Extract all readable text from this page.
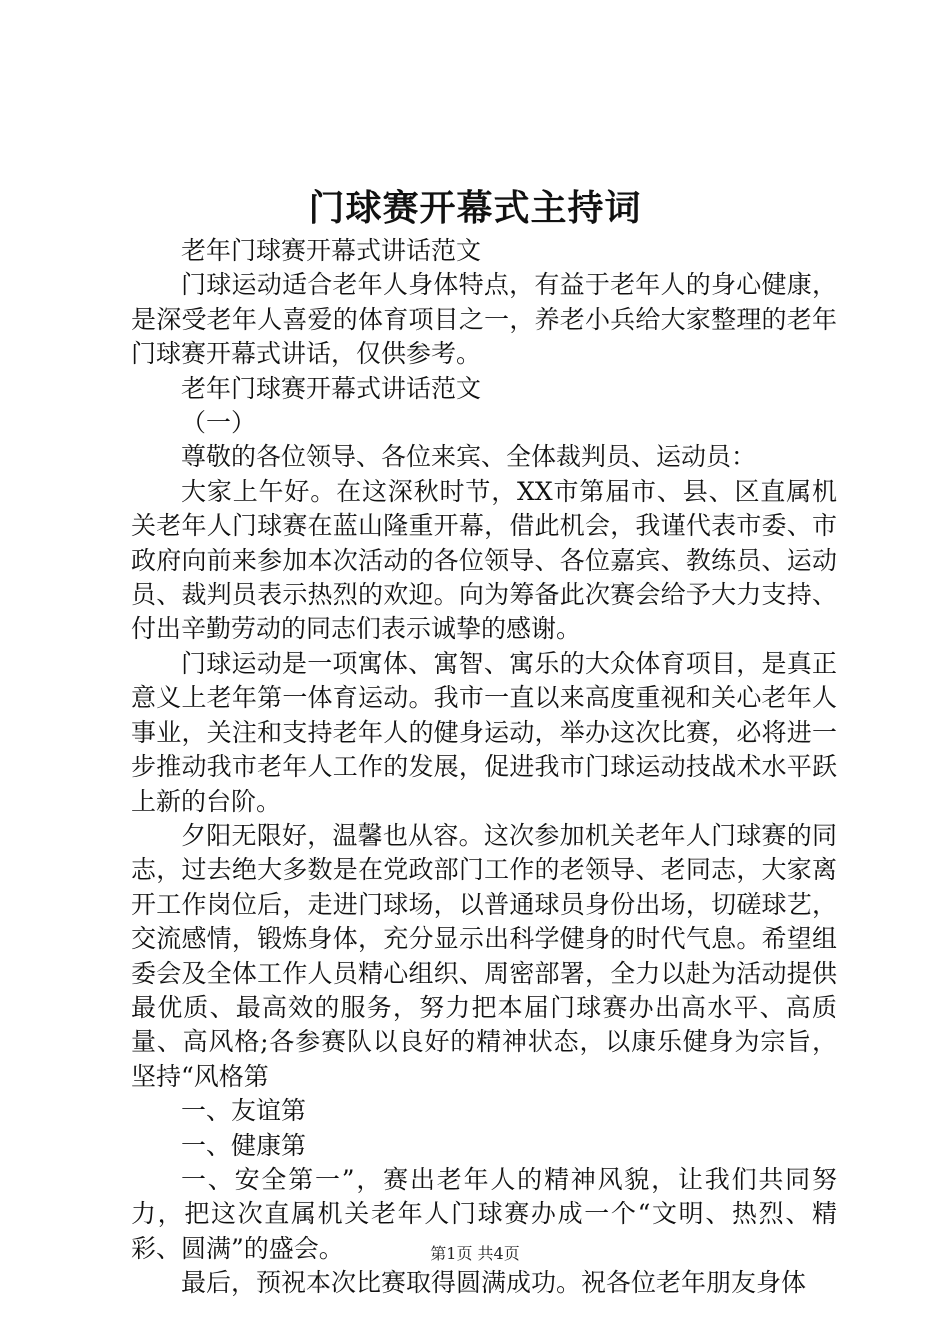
门球赛开幕式主持词

老年门球赛开幕式讲话范文

门球运动适合老年人身体特点，有益于老年人的身心健康，是深受老年人喜爱的体育项目之一，养老小兵给大家整理的老年门球赛开幕式讲话，仅供参考。

老年门球赛开幕式讲话范文

（一）

尊敬的各位领导、各位来宾、全体裁判员、运动员：

大家上午好。在这深秋时节，XX市第届市、县、区直属机关老年人门球赛在蓝山隆重开幕，借此机会，我谨代表市委、市政府向前来参加本次活动的各位领导、各位嘉宾、教练员、运动员、裁判员表示热烈的欢迎。向为筹备此次赛会给予大力支持、付出辛勤劳动的同志们表示诚挚的感谢。

门球运动是一项寓体、寓智、寓乐的大众体育项目，是真正意义上老年第一体育运动。我市一直以来高度重视和关心老年人事业，关注和支持老年人的健身运动，举办这次比赛，必将进一步推动我市老年人工作的发展，促进我市门球运动技战术水平跃上新的台阶。

夕阳无限好，温馨也从容。这次参加机关老年人门球赛的同志，过去绝大多数是在党政部门工作的老领导、老同志，大家离开工作岗位后，走进门球场，以普通球员身份出场，切磋球艺，交流感情，锻炼身体，充分显示出科学健身的时代气息。希望组委会及全体工作人员精心组织、周密部署，全力以赴为活动提供最优质、最高效的服务，努力把本届门球赛办出高水平、高质量、高风格;各参赛队以良好的精神状态，以康乐健身为宗旨，坚持“风格第

一、友谊第

一、健康第

一、安全第一”，赛出老年人的精神风貌，让我们共同努力，把这次直属机关老年人门球赛办成一个“文明、热烈、精彩、圆满”的盛会。

最后，预祝本次比赛取得圆满成功。祝各位老年朋友身体

第1页 共4页
